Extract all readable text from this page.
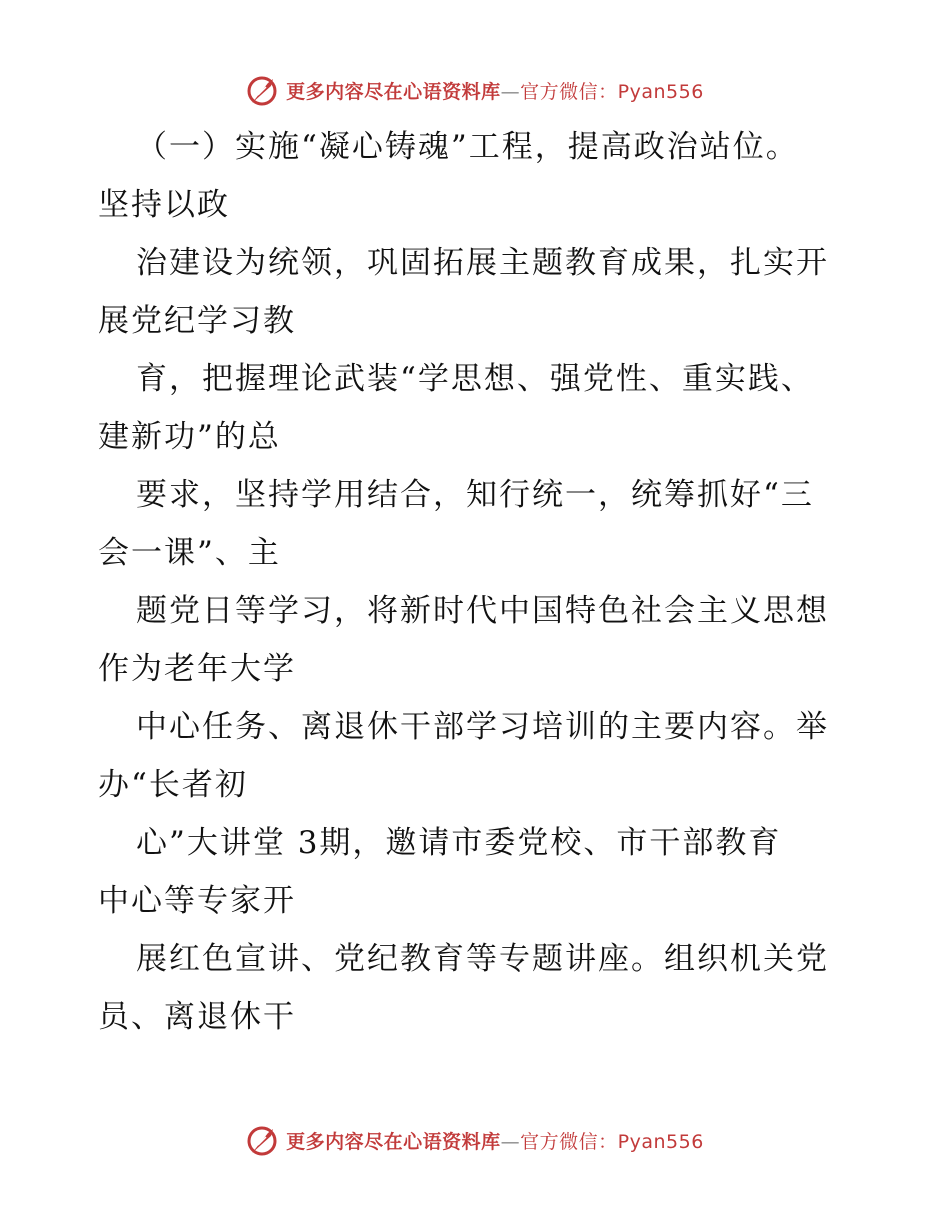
更多内容尽在心语资料库—官方微信：Pyan556
（一）实施“凝心铸魂”工程，提高政治站位。
坚持以政
治建设为统领，巩固拓展主题教育成果，扎实开
展党纪学习教
育，把握理论武装“学思想、强党性、重实践、
建新功”的总
要求，坚持学用结合，知行统一，统筹抓好“三
会一课”、主
题党日等学习，将新时代中国特色社会主义思想
作为老年大学
中心任务、离退休干部学习培训的主要内容。举
办“长者初
心”大讲堂 3期，邀请市委党校、市干部教育
中心等专家开
展红色宣讲、党纪教育等专题讲座。组织机关党
员、离退休干
更多内容尽在心语资料库—官方微信：Pyan556
